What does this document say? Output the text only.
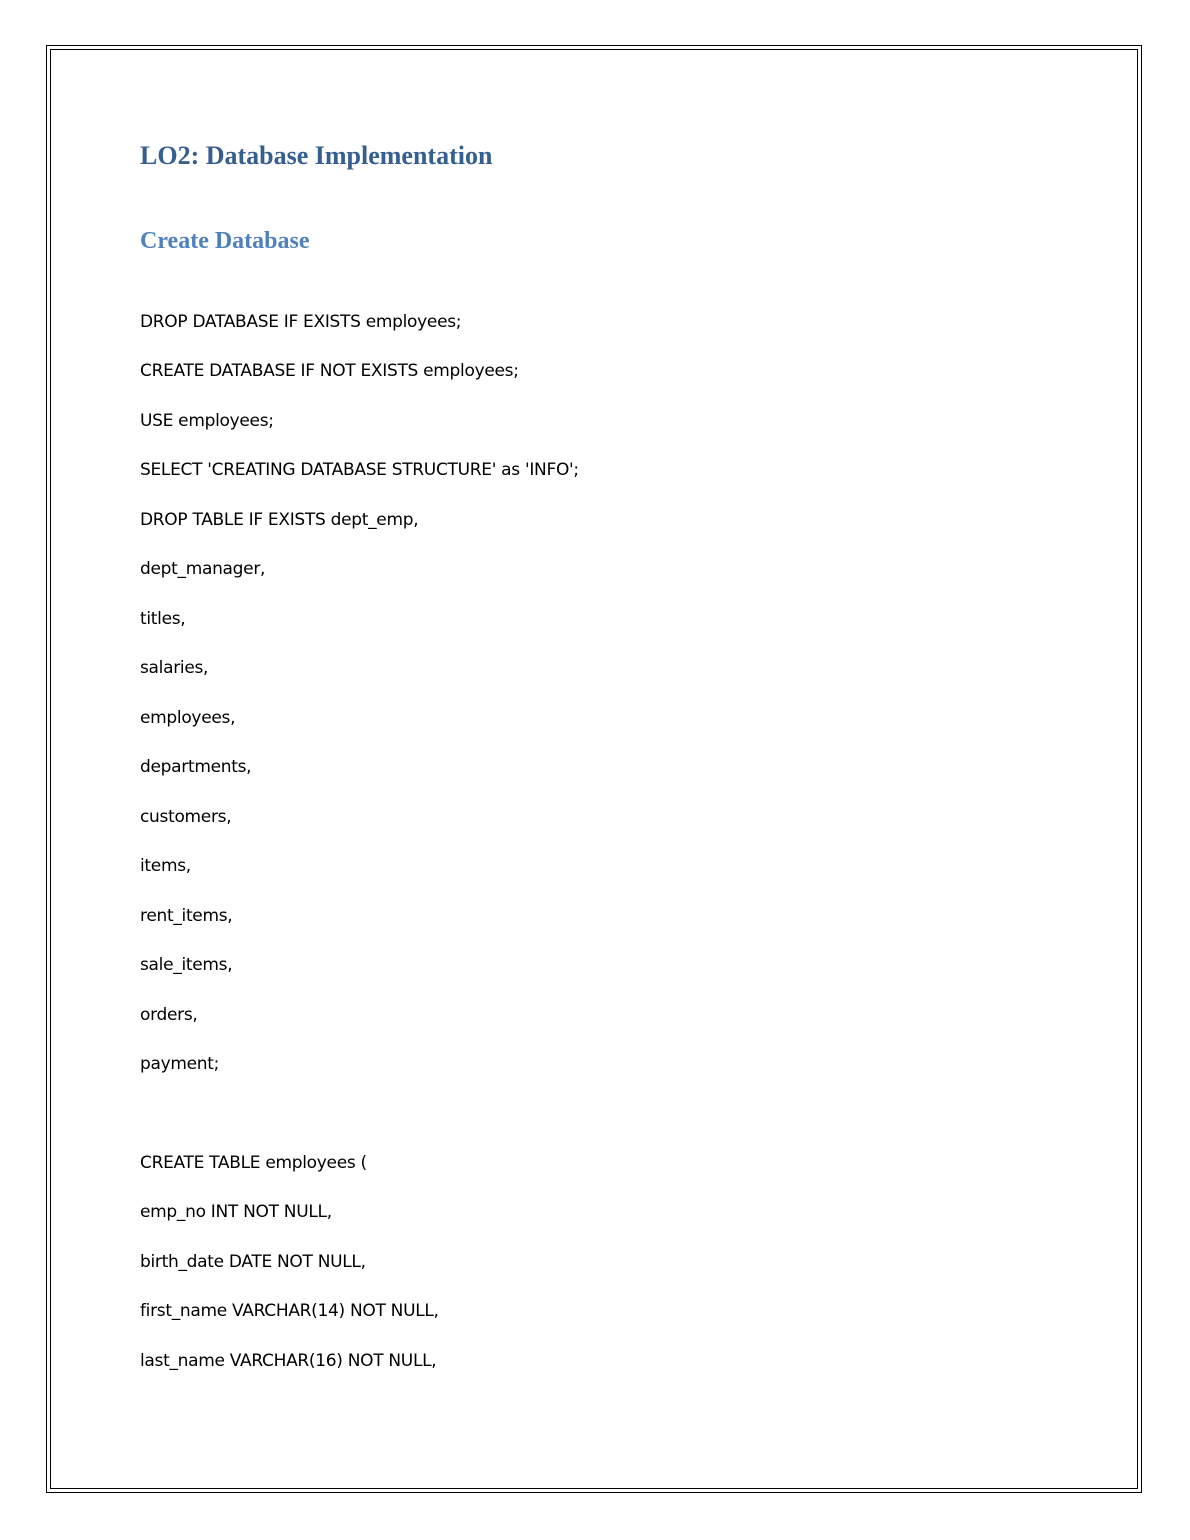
LO2: Database Implementation
Create Database

DROP DATABASE IF EXISTS employees;

CREATE DATABASE IF NOT EXISTS employees;

USE employees;

SELECT 'CREATING DATABASE STRUCTURE' as 'INFO';

DROP TABLE IF EXISTS dept_emp,

dept_manager,

titles,

salaries,

employees,

departments,

customers,

items,

rent_items,

sale_items,

orders,

payment;

CREATE TABLE employees (

emp_no INT NOT NULL,

birth_date DATE NOT NULL,

first_name VARCHAR(14) NOT NULL,

last_name VARCHAR(16) NOT NULL,
